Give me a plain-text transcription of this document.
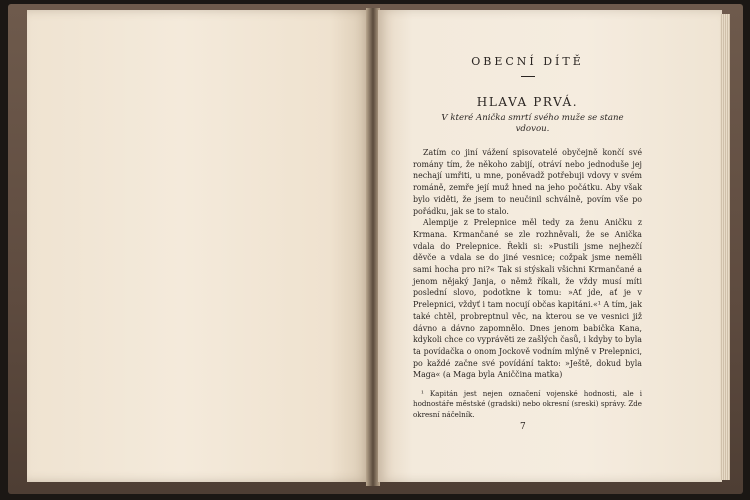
OBECNÍ DÍTĚ

HLAVA PRVÁ.

V které Anička smrtí svého muže se stane vdovou.

Zatím co jiní vážení spisovatelé obyčejně končí své romány tím, že někoho zabijí, otráví nebo jednoduše jej nechají umřiti, u mne, poněvadž potřebuji vdovy v svém románě, zemře její muž hned na jeho počátku. Aby však bylo viděti, že jsem to neučinil schválně, povím vše po pořádku, jak se to stalo.

Alempije z Prelepnice měl tedy za ženu Aničku z Krmana. Krmančané se zle rozhněvali, že se Anička vdala do Prelepnice. Řekli si: »Pustili jsme nejhezčí děvče a vdala se do jiné vesnice; cožpak jsme neměli sami hocha pro ni?« Tak si stýskali všichni Krmančané a jenom nějaký Janja, o němž říkali, že vždy musí míti poslední slovo, podotkne k tomu: »Ať jde, ať je v Prelepnici, vždyť i tam nocují občas kapitáni.«¹ A tím, jak také chtěl, probreptnul věc, na kterou se ve vesnici již dávno a dávno zapomnělo. Dnes jenom babička Kana, kdykoli chce co vyprávěti ze zašlých časů, i kdyby to byla ta povídačka o onom Jockově vodním mlýně v Prelepnici, po každé začne své povídání takto: »Ještě, dokud byla Maga« (a Maga byla Aniččina matka)

¹ Kapitán jest nejen označení vojenské hodnosti, ale i hodnostáře městské (gradski) nebo okresní (sreski) správy. Zde okresní náčelník.

7
